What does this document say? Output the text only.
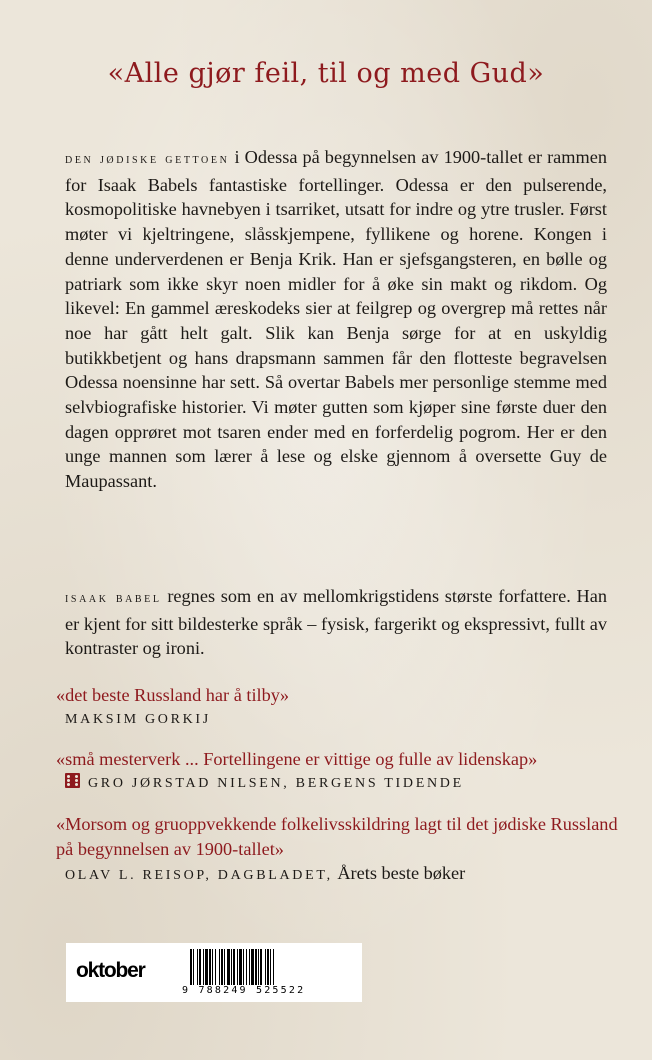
«Alle gjør feil, til og med Gud»
den jødiske gettoen i Odessa på begynnelsen av 1900-tallet er rammen for Isaak Babels fantastiske fortellinger. Odessa er den pulserende, kosmopolitiske havnebyen i tsarriket, utsatt for indre og ytre trusler. Først møter vi kjeltringene, slåsskjempene, fyllikene og horene. Kongen i denne underverdenen er Benja Krik. Han er sjefsgangsteren, en bølle og patriark som ikke skyr noen midler for å øke sin makt og rikdom. Og likevel: En gammel æreskodeks sier at feilgrep og overgrep må rettes når noe har gått helt galt. Slik kan Benja sørge for at en uskyldig butikkbetjent og hans drapsmann sammen får den flotteste begravelsen Odessa noensinne har sett. Så overtar Babels mer personlige stemme med selvbiografiske historier. Vi møter gutten som kjøper sine første duer den dagen opprøret mot tsaren ender med en forferdelig pogrom. Her er den unge mannen som lærer å lese og elske gjennom å oversette Guy de Maupassant.
isaak babel regnes som en av mellomkrigstidens største forfattere. Han er kjent for sitt bildesterke språk – fysisk, fargerikt og ekspressivt, fullt av kontraster og ironi.
«det beste Russland har å tilby»
MAKSIM GORKIJ
«små mesterverk ... Fortellingene er vittige og fulle av lidenskap»
GRO JØRSTAD NILSEN, BERGENS TIDENDE
«Morsom og gruoppvekkende folkelivsskildring lagt til det jødiske Russland på begynnelsen av 1900-tallet»
OLAV L. REISOP, DAGBLADET, Årets beste bøker
oktober
9 788249 525522
